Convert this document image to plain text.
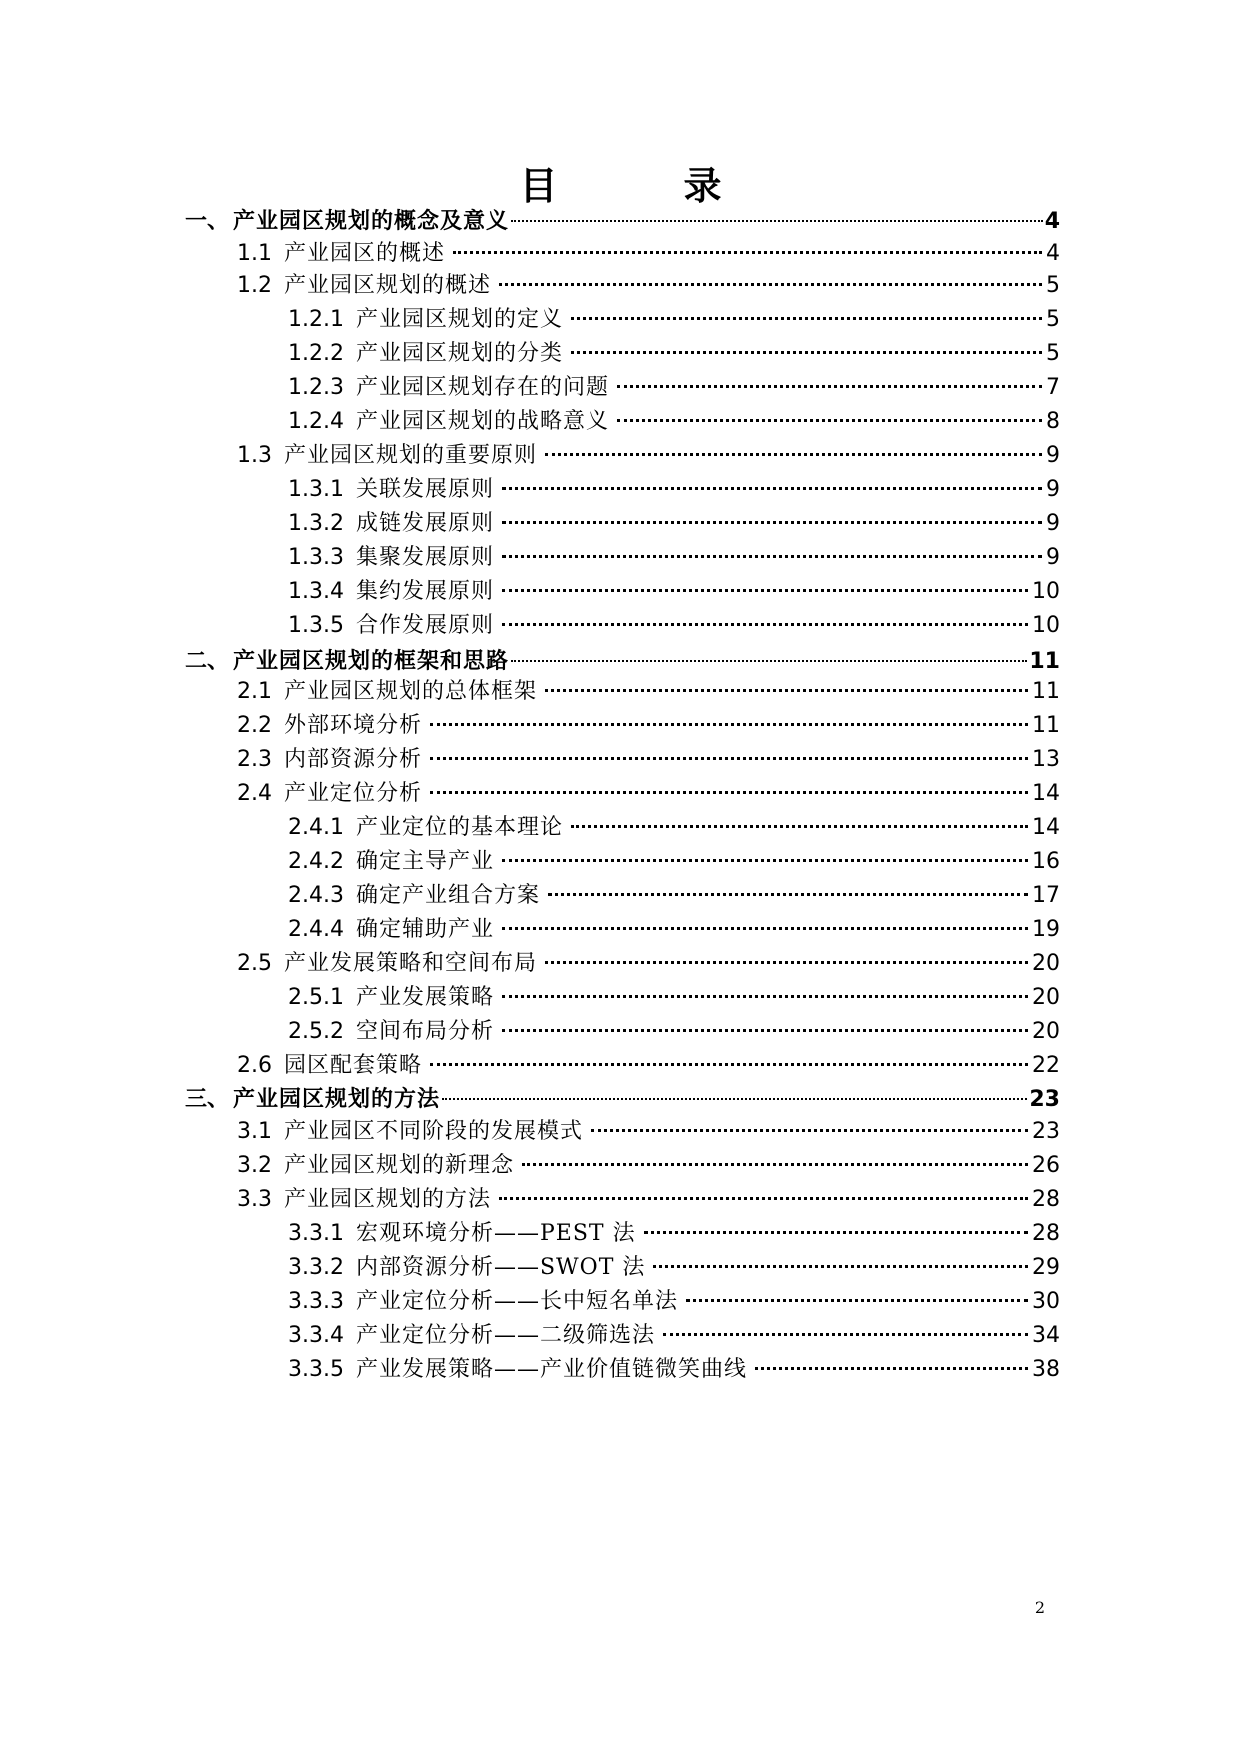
目　录
一、 产业园区规划的概念及意义	4
1.1 产业园区的概述	4
1.2 产业园区规划的概述	5
1.2.1 产业园区规划的定义	5
1.2.2 产业园区规划的分类	5
1.2.3 产业园区规划存在的问题	7
1.2.4 产业园区规划的战略意义	8
1.3 产业园区规划的重要原则	9
1.3.1 关联发展原则	9
1.3.2 成链发展原则	9
1.3.3 集聚发展原则	9
1.3.4 集约发展原则	10
1.3.5 合作发展原则	10
二、 产业园区规划的框架和思路	11
2.1 产业园区规划的总体框架	11
2.2 外部环境分析	11
2.3 内部资源分析	13
2.4 产业定位分析	14
2.4.1 产业定位的基本理论	14
2.4.2 确定主导产业	16
2.4.3 确定产业组合方案	17
2.4.4 确定辅助产业	19
2.5 产业发展策略和空间布局	20
2.5.1 产业发展策略	20
2.5.2 空间布局分析	20
2.6 园区配套策略	22
三、 产业园区规划的方法	23
3.1 产业园区不同阶段的发展模式	23
3.2 产业园区规划的新理念	26
3.3 产业园区规划的方法	28
3.3.1 宏观环境分析——PEST 法	28
3.3.2 内部资源分析——SWOT 法	29
3.3.3 产业定位分析——长中短名单法	30
3.3.4 产业定位分析——二级筛选法	34
3.3.5 产业发展策略——产业价值链微笑曲线	38
2
